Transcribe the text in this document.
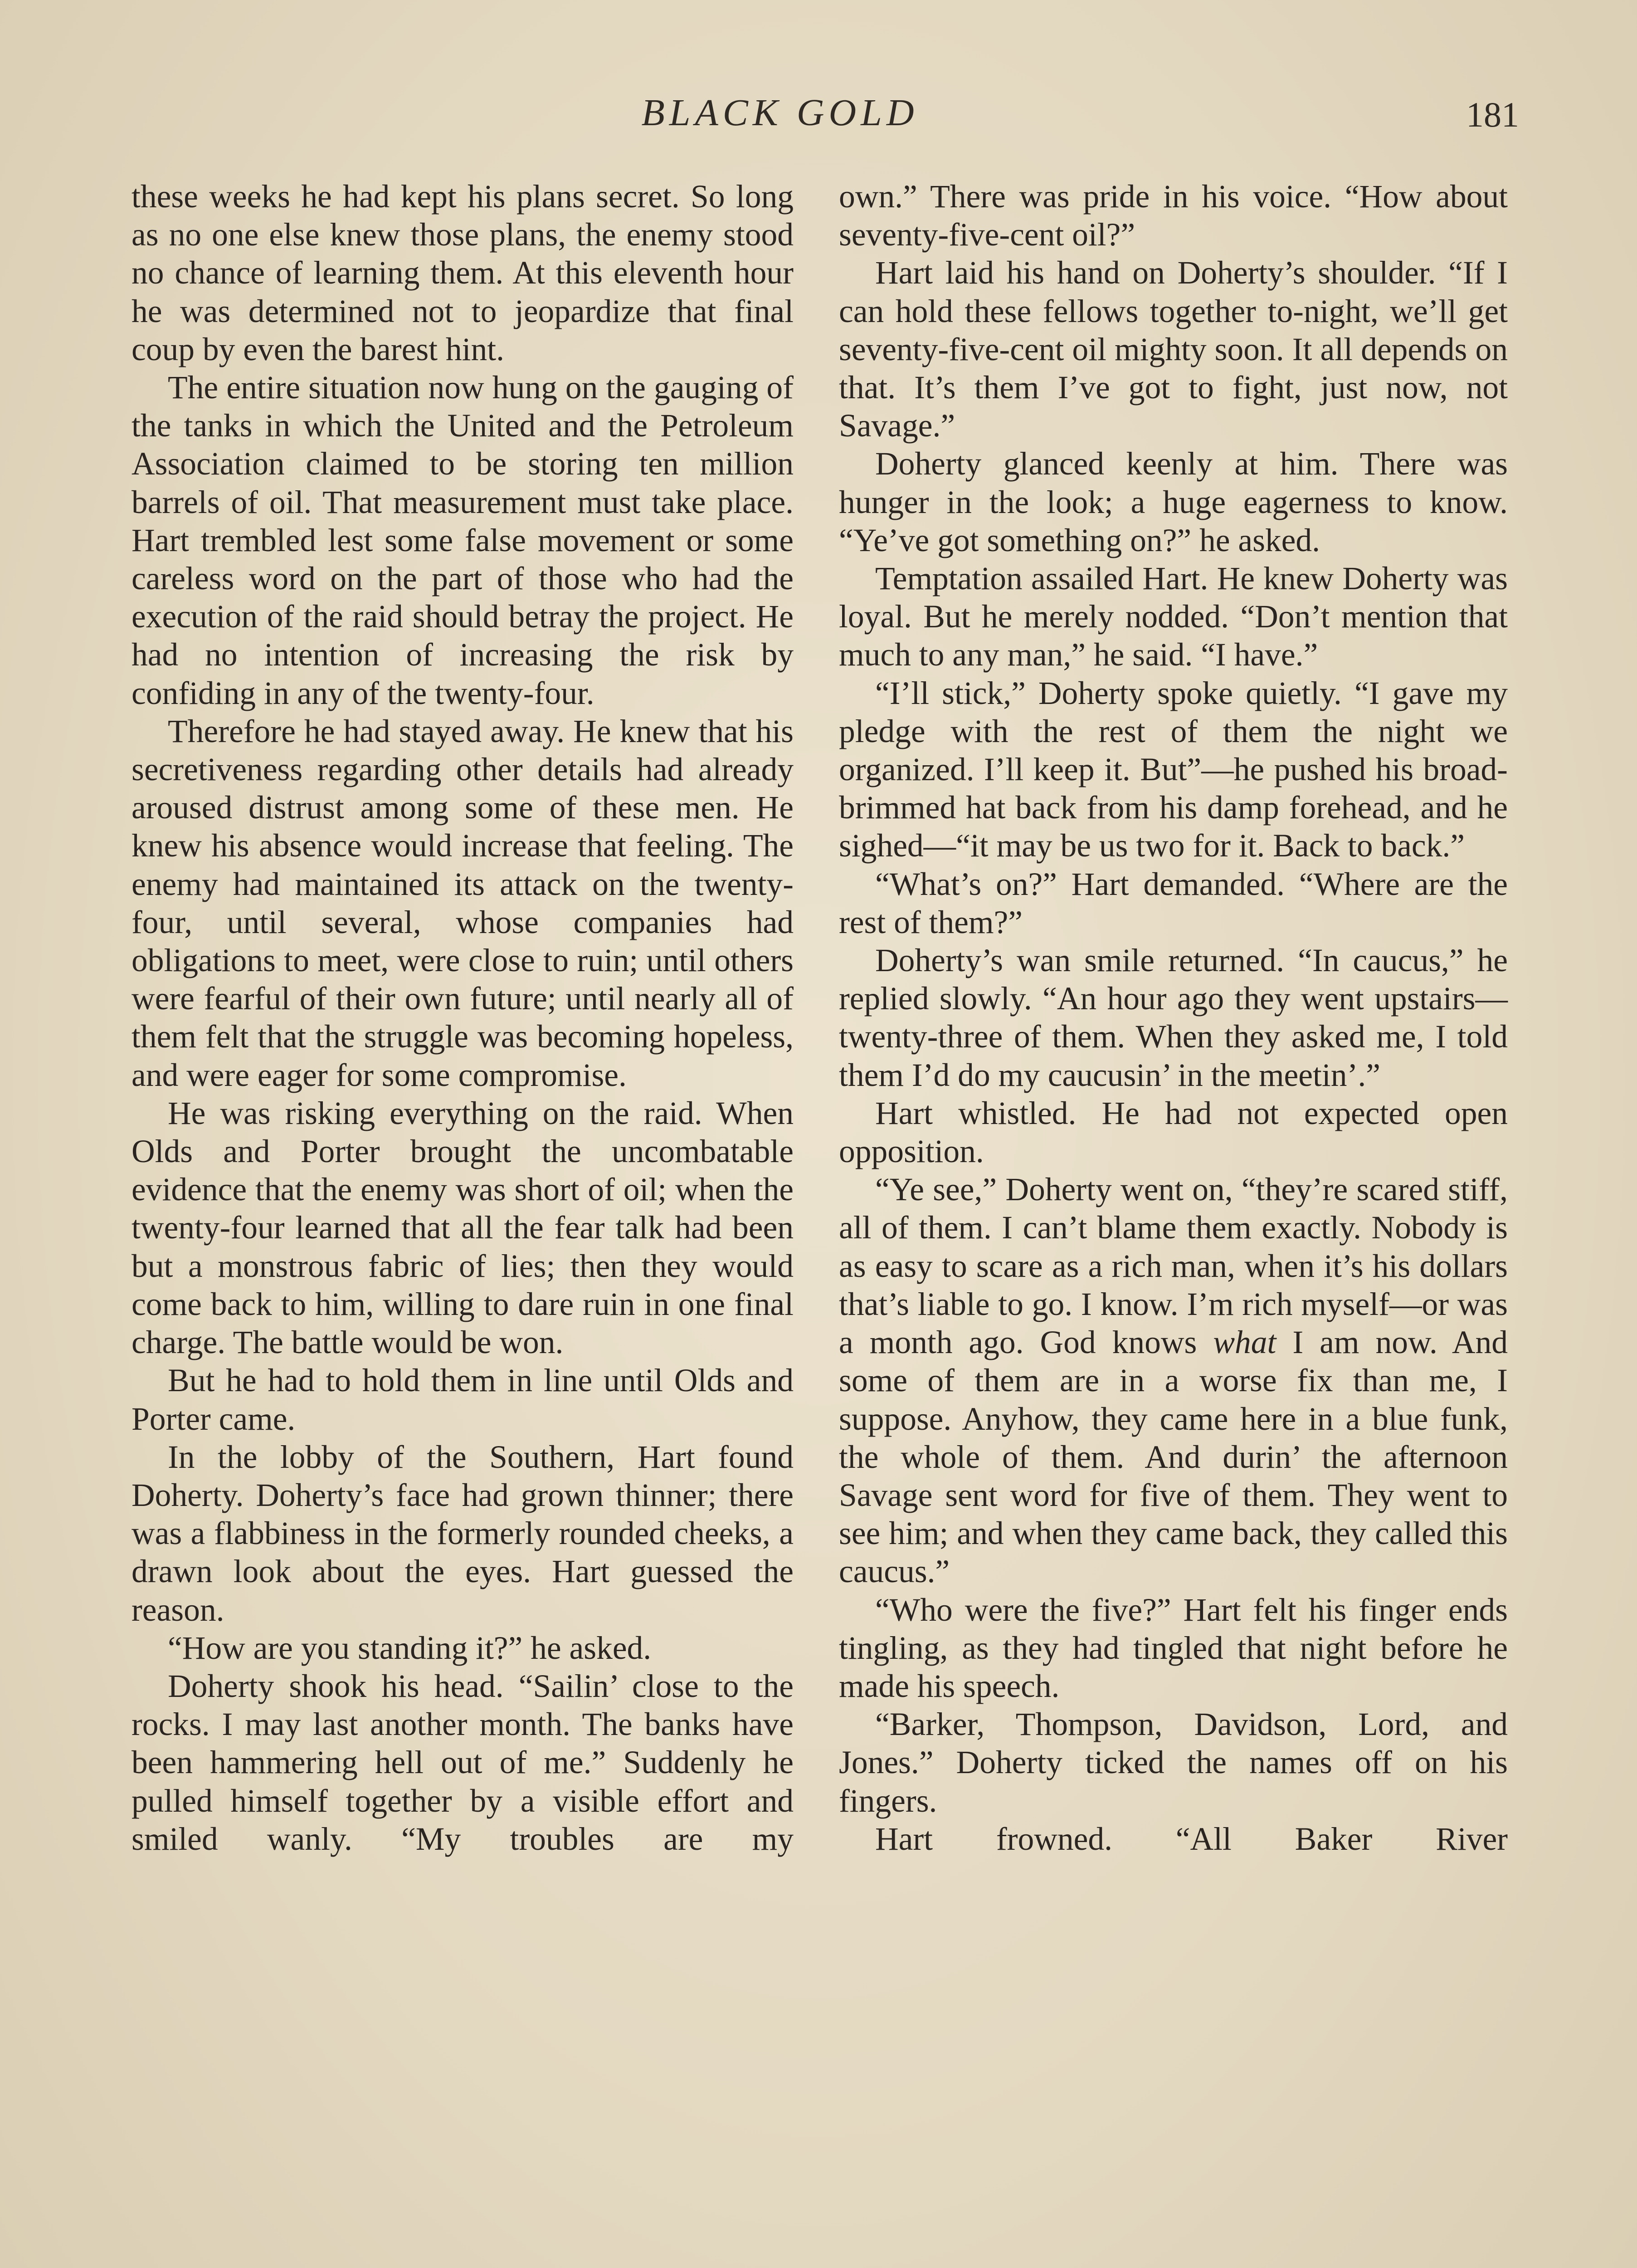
BLACK GOLD	181

these weeks he had kept his plans secret. So long as no one else knew those plans, the enemy stood no chance of learning them. At this eleventh hour he was determined not to jeopardize that final coup by even the barest hint.

The entire situation now hung on the gauging of the tanks in which the United and the Petroleum Association claimed to be storing ten million barrels of oil. That measurement must take place. Hart trembled lest some false movement or some careless word on the part of those who had the execution of the raid should betray the project. He had no intention of increasing the risk by confiding in any of the twenty-four.

Therefore he had stayed away. He knew that his secretiveness regarding other details had already aroused distrust among some of these men. He knew his absence would increase that feeling. The enemy had maintained its attack on the twenty-four, until several, whose companies had obligations to meet, were close to ruin; until others were fearful of their own future; until nearly all of them felt that the struggle was becoming hopeless, and were eager for some compromise.

He was risking everything on the raid. When Olds and Porter brought the uncombatable evidence that the enemy was short of oil; when the twenty-four learned that all the fear talk had been but a monstrous fabric of lies; then they would come back to him, willing to dare ruin in one final charge. The battle would be won.

But he had to hold them in line until Olds and Porter came.

In the lobby of the Southern, Hart found Doherty. Doherty’s face had grown thinner; there was a flabbiness in the formerly rounded cheeks, a drawn look about the eyes. Hart guessed the reason.

“How are you standing it?” he asked.

Doherty shook his head. “Sailin’ close to the rocks. I may last another month. The banks have been hammering hell out of me.” Suddenly he pulled himself together by a visible effort and smiled wanly. “My troubles are my

own.” There was pride in his voice. “How about seventy-five-cent oil?”

Hart laid his hand on Doherty’s shoulder. “If I can hold these fellows together to-night, we’ll get seventy-five-cent oil mighty soon. It all depends on that. It’s them I’ve got to fight, just now, not Savage.”

Doherty glanced keenly at him. There was hunger in the look; a huge eagerness to know. “Ye’ve got something on?” he asked.

Temptation assailed Hart. He knew Doherty was loyal. But he merely nodded. “Don’t mention that much to any man,” he said. “I have.”

“I’ll stick,” Doherty spoke quietly. “I gave my pledge with the rest of them the night we organized. I’ll keep it. But”—he pushed his broad-brimmed hat back from his damp forehead, and he sighed—“it may be us two for it. Back to back.”

“What’s on?” Hart demanded. “Where are the rest of them?”

Doherty’s wan smile returned. “In caucus,” he replied slowly. “An hour ago they went upstairs—twenty-three of them. When they asked me, I told them I’d do my caucusin’ in the meetin’.”

Hart whistled. He had not expected open opposition.

“Ye see,” Doherty went on, “they’re scared stiff, all of them. I can’t blame them exactly. Nobody is as easy to scare as a rich man, when it’s his dollars that’s liable to go. I know. I’m rich myself—or was a month ago. God knows what I am now. And some of them are in a worse fix than me, I suppose. Anyhow, they came here in a blue funk, the whole of them. And durin’ the afternoon Savage sent word for five of them. They went to see him; and when they came back, they called this caucus.”

“Who were the five?” Hart felt his finger ends tingling, as they had tingled that night before he made his speech.

“Barker, Thompson, Davidson, Lord, and Jones.” Doherty ticked the names off on his fingers.

Hart frowned. “All Baker River
